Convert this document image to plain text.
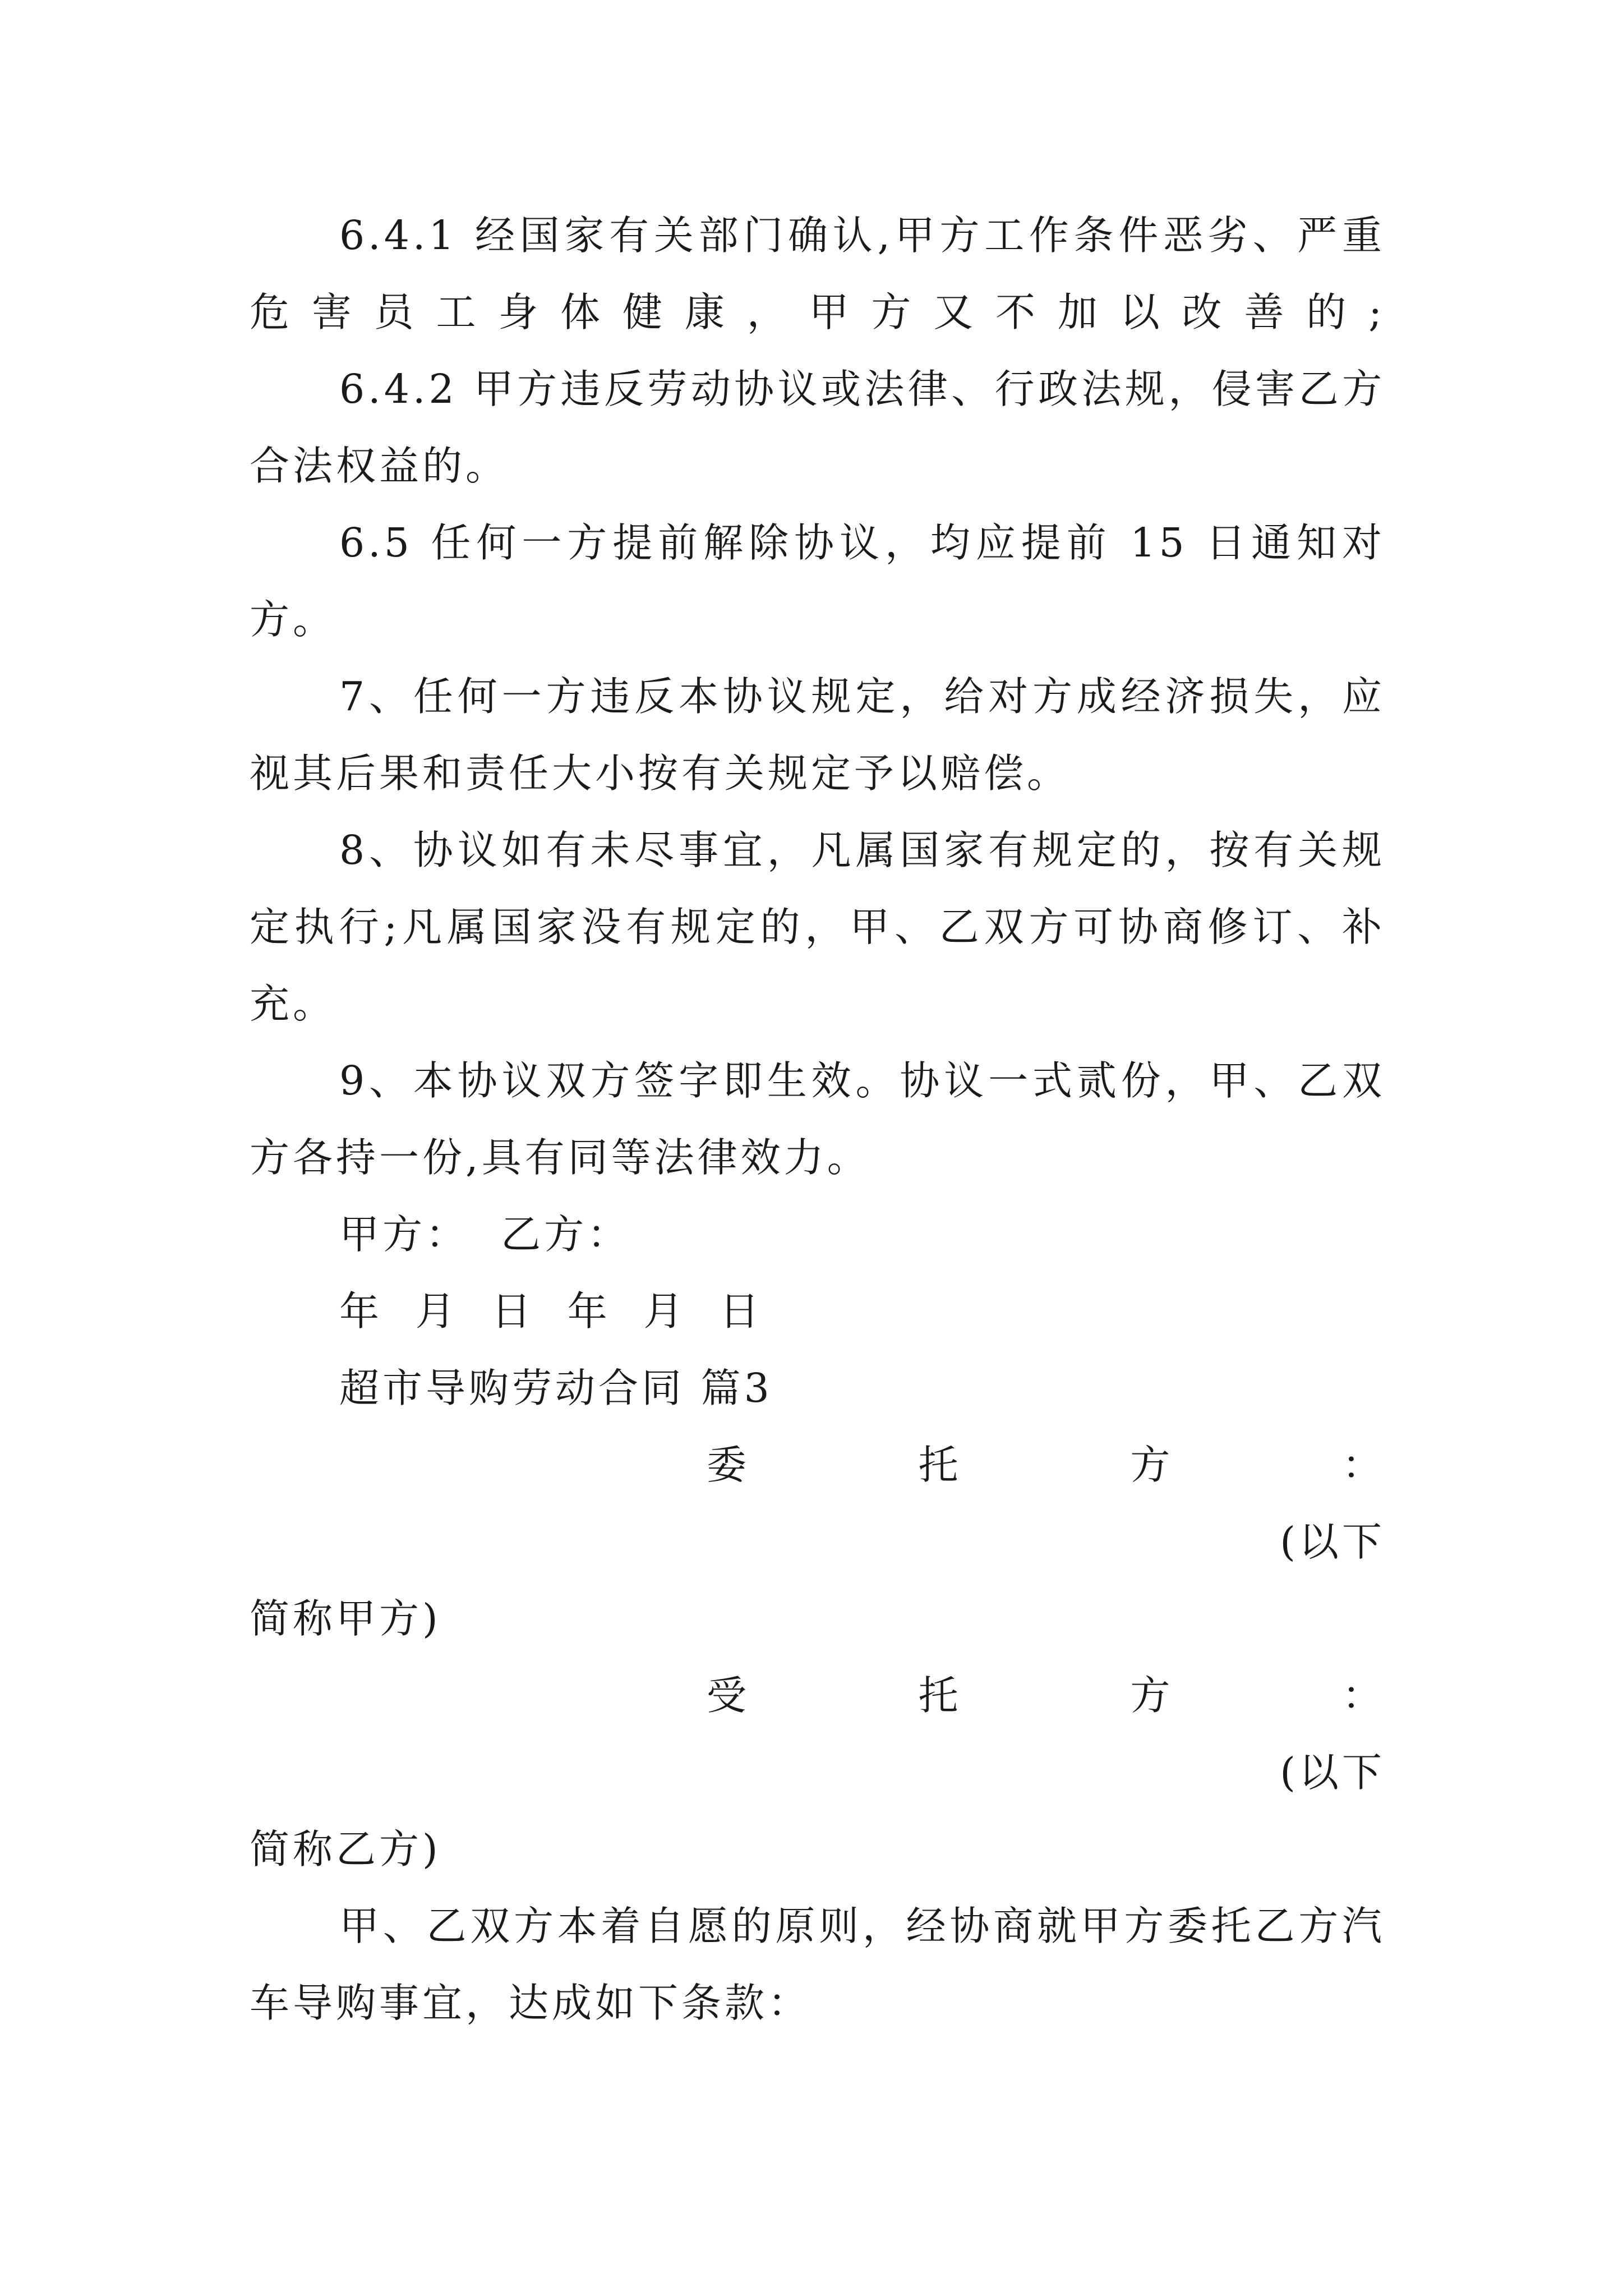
6.4.1 经国家有关部门确认,甲方工作条件恶劣、严重
危害员工身体健康，甲方又不加以改善的;
6.4.2 甲方违反劳动协议或法律、行政法规，侵害乙方
合法权益的。
6.5 任何一方提前解除协议，均应提前 15 日通知对
方。
7、任何一方违反本协议规定，给对方成经济损失，应
视其后果和责任大小按有关规定予以赔偿。
8、协议如有未尽事宜，凡属国家有规定的，按有关规
定执行;凡属国家没有规定的，甲、乙双方可协商修订、补
充。
9、本协议双方签字即生效。协议一式贰份，甲、乙双
方各持一份,具有同等法律效力。
甲方：  乙方：
年 月 日 年 月 日
超市导购劳动合同 篇3
委	托	方	：
(以下
简称甲方)
受	托	方	：
(以下
简称乙方)
甲、乙双方本着自愿的原则，经协商就甲方委托乙方汽
车导购事宜，达成如下条款：
